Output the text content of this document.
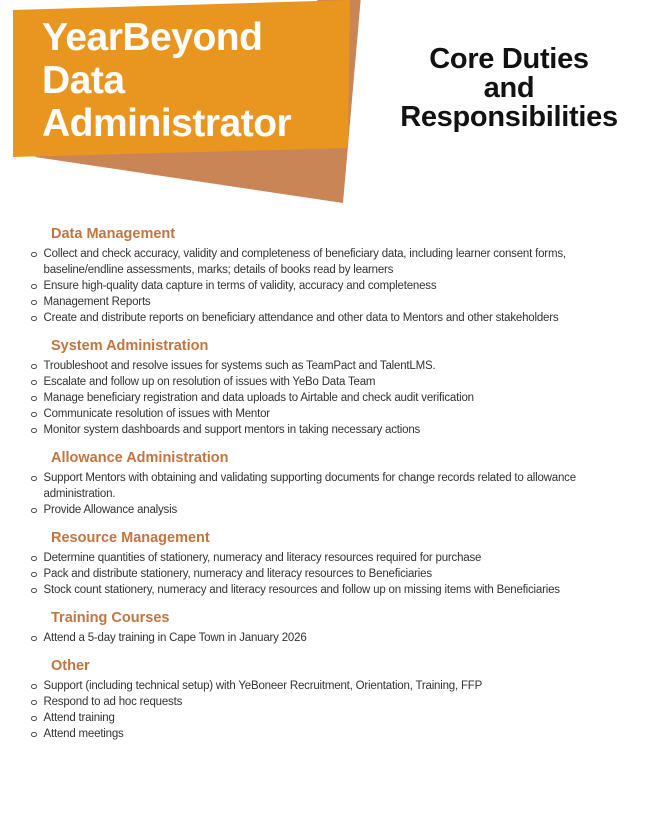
YearBeyond
Data
Administrator
Core Duties
and
Responsibilities
Data Management
Collect and check accuracy, validity and completeness of beneficiary data, including learner consent forms, baseline/endline assessments, marks; details of books read by learners
Ensure high-quality data capture in terms of validity, accuracy and completeness
Management Reports
Create and distribute reports on beneficiary attendance and other data to Mentors and other stakeholders
System Administration
Troubleshoot and resolve issues for systems such as TeamPact and TalentLMS.
Escalate and follow up on resolution of issues with YeBo Data Team
Manage beneficiary registration and data uploads to Airtable and check audit verification
Communicate resolution of issues with Mentor
Monitor system dashboards and support mentors in taking necessary actions
Allowance Administration
Support Mentors with obtaining and validating supporting documents for change records related to allowance administration.
Provide Allowance analysis
Resource Management
Determine quantities of stationery, numeracy and literacy resources required for purchase
Pack and distribute stationery, numeracy and literacy resources to Beneficiaries
Stock count stationery, numeracy and literacy resources and follow up on missing items with Beneficiaries
Training Courses
Attend a 5-day training in Cape Town in January 2026
Other
Support (including technical setup) with YeBoneer Recruitment, Orientation, Training, FFP
Respond to ad hoc requests
Attend training
Attend meetings
